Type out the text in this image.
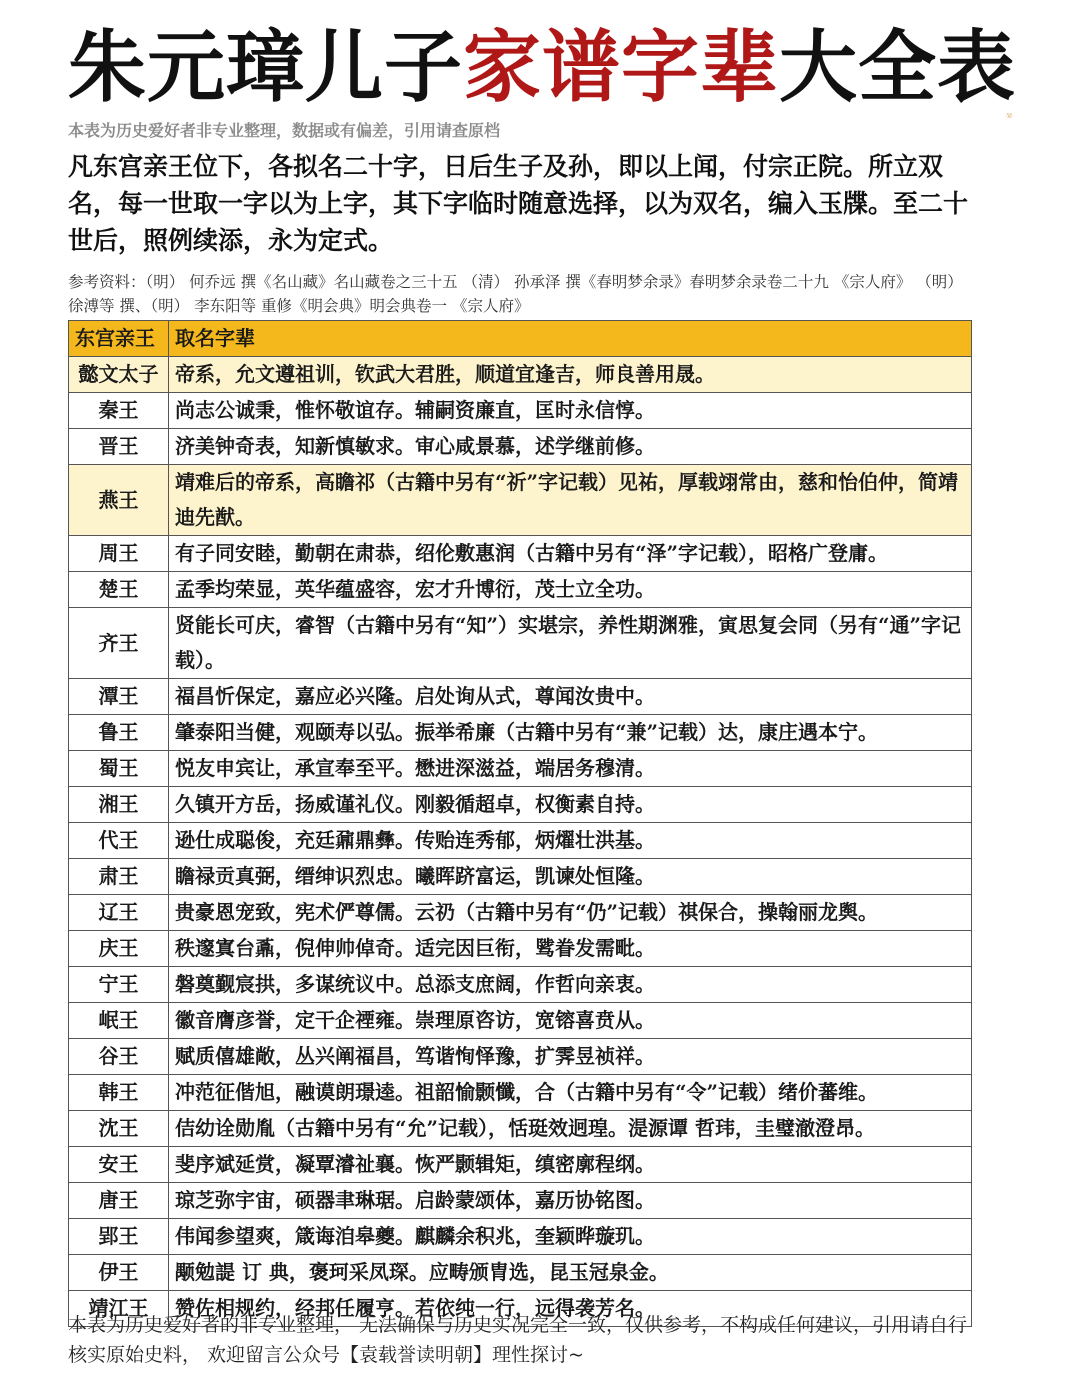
朱元璋儿子家谱字辈大全表
本表为历史爱好者非专业整理，数据或有偏差，引用请查原档
ෂ
凡东宫亲王位下，各拟名二十字，日后生子及孙，即以上闻，付宗正院。所立双名，每一世取一字以为上字，其下字临时随意选择，以为双名，编入玉牒。至二十世后，照例续添，永为定式。
参考资料：（明） 何乔远 撰《名山藏》名山藏卷之三十五 （清） 孙承泽 撰《春明梦余录》春明梦余录卷二十九 《宗人府》 （明） 徐溥等 撰、（明） 李东阳等 重修《明会典》明会典卷一 《宗人府》
东宫亲王	取名字辈
懿文太子	帝系，允文遵祖训，钦武大君胜，顺道宜逢吉，师良善用晟。
秦王	尚志公诚秉，惟怀敬谊存。辅嗣资廉直，匡时永信惇。
晋王	济美钟奇表，知新慎敏求。审心咸景慕，述学继前修。
燕王	靖难后的帝系，高瞻祁（古籍中另有“祈”字记载）见祐，厚载翊常由，慈和怡伯仲，简靖迪先猷。
周王	有子同安睦，勤朝在肃恭，绍伦敷惠润（古籍中另有“泽”字记载），昭格广登庸。
楚王	孟季均荣显，英华蕴盛容，宏才升博衍，茂士立全功。
齐王	贤能长可庆，睿智（古籍中另有“知”）实堪宗，养性期渊雅，寅思复会同（另有“通”字记载）。
潭王	福昌忻保定，嘉应必兴隆。启处询从式，尊闻汝贵中。
鲁王	肇泰阳当健，观颐寿以弘。振举希廉（古籍中另有“兼”记载）达，康庄遇本宁。
蜀王	悦友申宾让，承宣奉至平。懋进深滋益，端居务穆清。
湘王	久镇开方岳，扬威谨礼仪。刚毅循超卓，权衡素自持。
代王	逊仕成聪俊，充廷鼐鼎彝。传贻连秀郁，炳燿壮洪基。
肃王	瞻禄贡真弼，缙绅识烈忠。曦晖跻富运，凯谏处恒隆。
辽王	贵豪恩宠致，宪术俨尊儒。云礽（古籍中另有“仍”记载）祺保合，操翰丽龙舆。
庆王	秩邃寘台鼒，倪伸帅倬奇。适完因巨衔，骘眷发需毗。
宁王	磐奠觐宸拱，多谋统议中。总添支庶阔，作哲向亲衷。
岷王	徽音膺彦誉，定干企禋雍。崇理原咨访，宽镕喜贲从。
谷王	赋质僖雄敞，丛兴阐福昌，笃谐恂怿豫，扩霁昱祯祥。
韩王	冲范征偕旭，融谟朗璟逵。祖韶愉颢懺，合（古籍中另有“令”记载）绪价蕃维。
沈王	佶幼诠勋胤（古籍中另有“允”记载），恬珽效迥瑝。湜源谭 哲玮，圭璧澈澄昂。
安王	斐序斌延赏，凝覃濬祉襄。恢严颢辑矩，缜密廓程纲。
唐王	琼芝弥宇宙，硕器聿琳琚。启龄蒙颂体，嘉历协铭图。
郢王	伟闻参望爽，箴诲洎皋夔。麒麟余积兆，奎颖晔璇玑。
伊王	颙勉諟 订 典，褒珂采凤琛。应畴颁胄选，昆玉冠泉金。
靖江王	赞佐相规约，经邦任履亨。若依纯一行，远得袭芳名。
本表为历史爱好者的非专业整理， 无法确保与历史实况完全一致，仅供参考，不构成任何建议，引用请自行核实原始史料， 欢迎留言公众号【袁载誉读明朝】理性探讨~
